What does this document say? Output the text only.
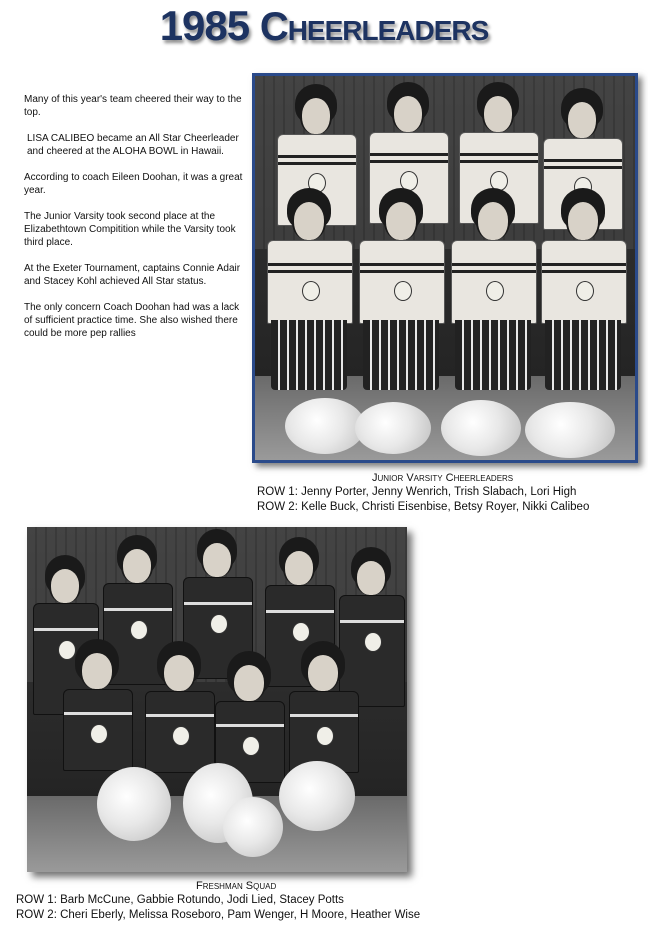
1985 Cheerleaders

Many of this year's team cheered their way to the top.

LISA CALIBEO became an All Star Cheerleader and cheered at the ALOHA BOWL in Hawaii.

According to coach Eileen Doohan, it was a great year.

The Junior Varsity took second place at the Elizabethtown Compitition while the Varsity took third place.

At the Exeter Tournament, captains Connie Adair and Stacey Kohl achieved All Star status.

The only concern Coach Doohan had was a lack of sufficient practice time. She also wished there could be more pep rallies

Junior Varsity Cheerleaders
ROW 1: Jenny Porter, Jenny Wenrich, Trish Slabach, Lori High
ROW 2: Kelle Buck, Christi Eisenbise, Betsy Royer, Nikki Calibeo
Freshman Squad
ROW 1: Barb McCune, Gabbie Rotundo, Jodi Lied, Stacey Potts
ROW 2: Cheri Eberly, Melissa Roseboro, Pam Wenger, H Moore, Heather Wise
